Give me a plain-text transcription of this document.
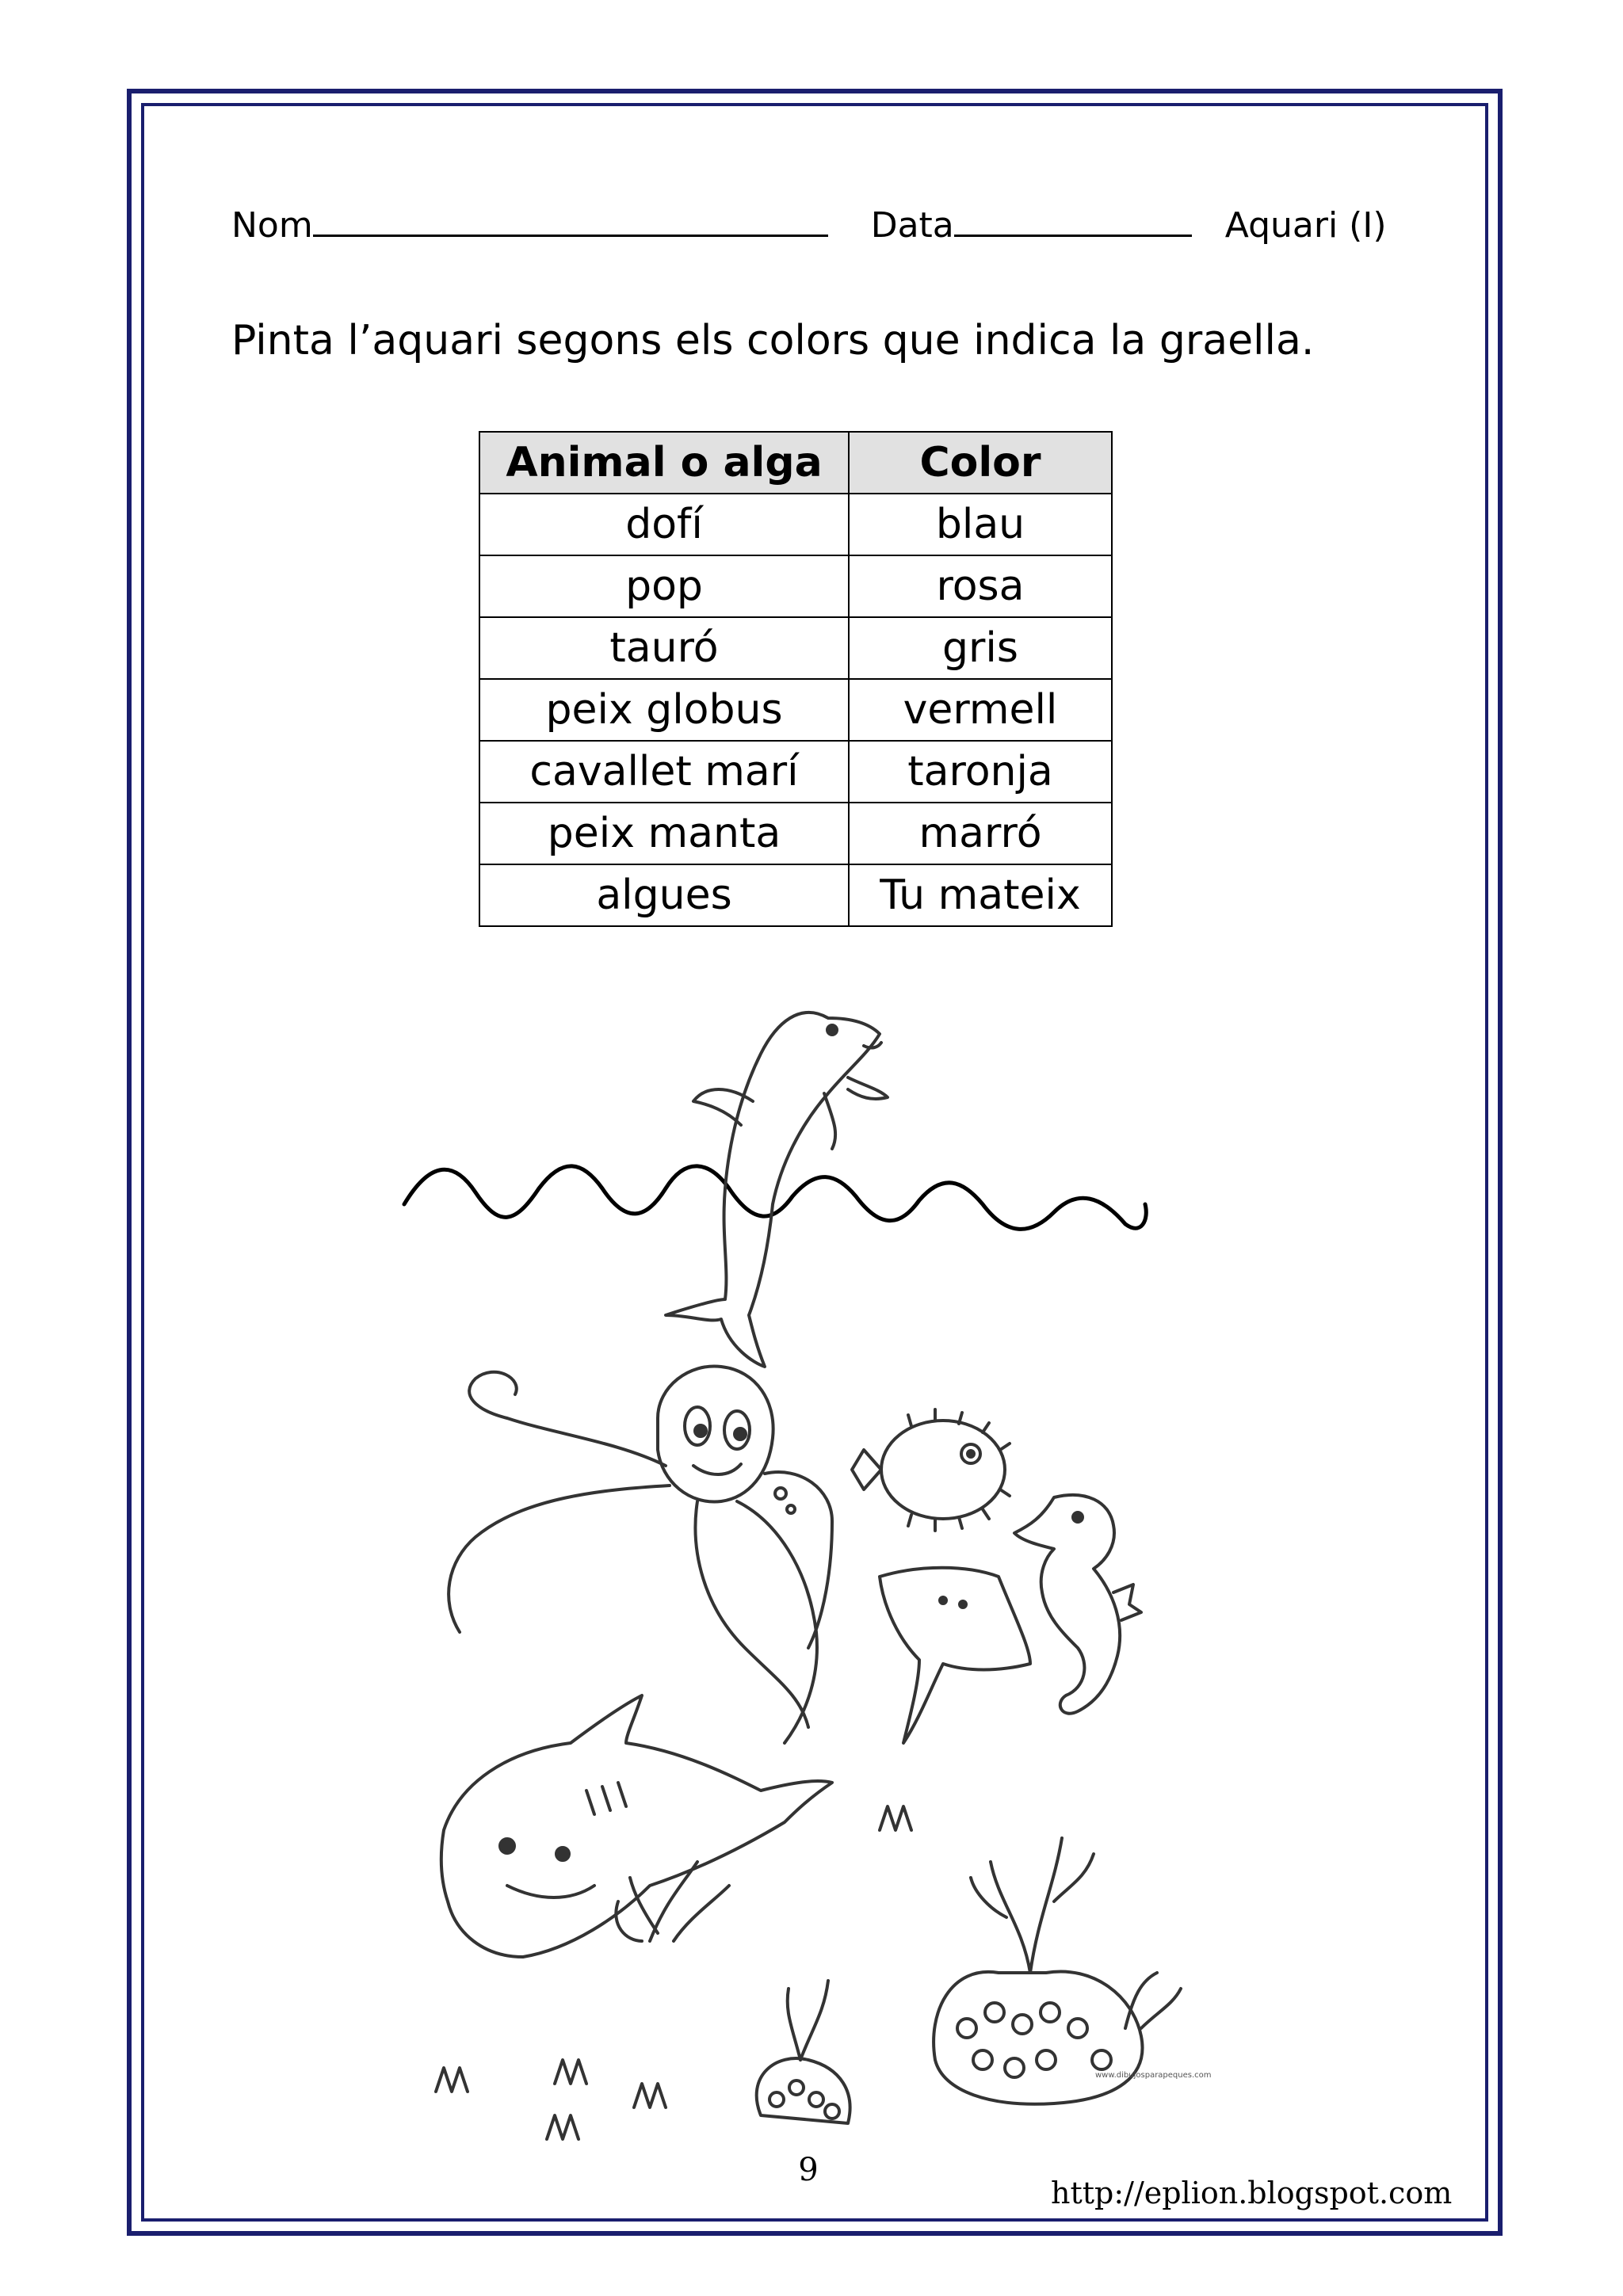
Nom	Data	Aquari (I)
Pinta l’aquari segons els colors que indica la graella.
Animal o alga	Color
dofí	blau
pop	rosa
tauró	gris
peix globus	vermell
cavallet marí	taronja
peix manta	marró
algues	Tu mateix
www.dibujosparapeques.com
9
http://eplion.blogspot.com
